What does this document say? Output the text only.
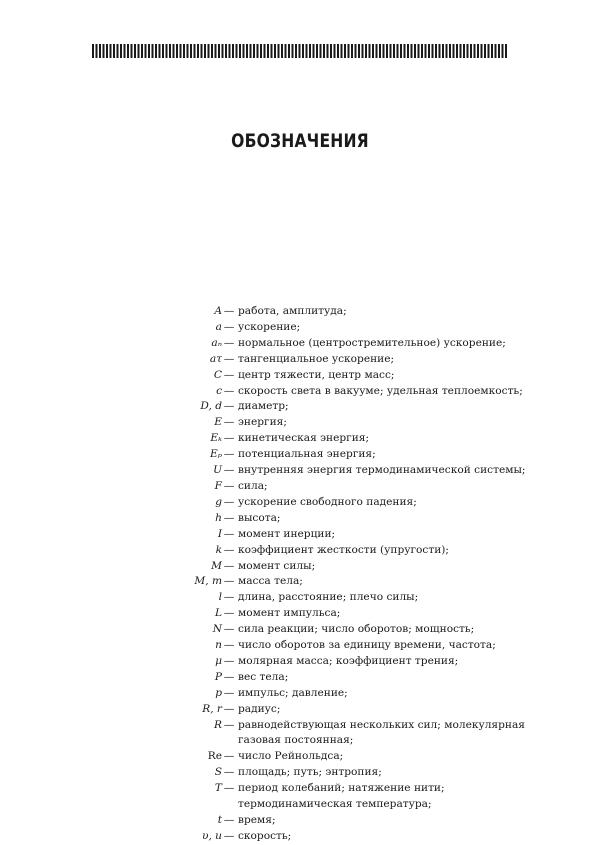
ОБОЗНАЧЕНИЯ
A — работа, амплитуда;
a — ускорение;
aₙ — нормальное (центростремительное) ускорение;
aτ — тангенциальное ускорение;
C — центр тяжести, центр масс;
c — скорость света в вакууме; удельная теплоемкость;
D, d — диаметр;
E — энергия;
Eₖ — кинетическая энергия;
Eₚ — потенциальная энергия;
U — внутренняя энергия термодинамической системы;
F — сила;
g — ускорение свободного падения;
h — высота;
I — момент инерции;
k — коэффициент жесткости (упругости);
M — момент силы;
M, m — масса тела;
l — длина, расстояние; плечо силы;
L — момент импульса;
N — сила реакции; число оборотов; мощность;
n — число оборотов за единицу времени, частота;
μ — молярная масса; коэффициент трения;
P — вес тела;
p — импульс; давление;
R, r — радиус;
R — равнодействующая нескольких сил; молекулярная газовая постоянная;
Re — число Рейнольдса;
S — площадь; путь; энтропия;
T — период колебаний; натяжение нити; термодинамическая температура;
t — время;
υ, u — скорость;
